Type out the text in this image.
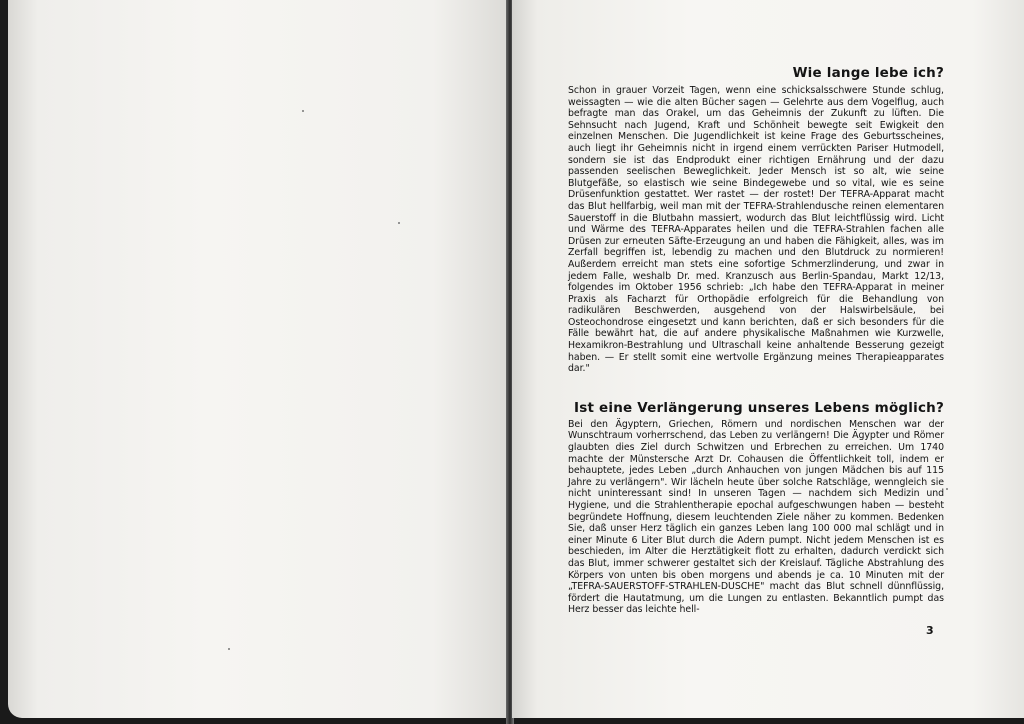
Wie lange lebe ich?

Schon in grauer Vorzeit Tagen, wenn eine schicksalsschwere Stunde schlug, weissagten — wie die alten Bücher sagen — Gelehrte aus dem Vogelflug, auch befragte man das Orakel, um das Geheimnis der Zukunft zu lüften. Die Sehnsucht nach Jugend, Kraft und Schönheit bewegte seit Ewigkeit den einzelnen Menschen. Die Jugendlichkeit ist keine Frage des Geburtsscheines, auch liegt ihr Geheimnis nicht in irgend einem verrückten Pariser Hutmodell, sondern sie ist das Endprodukt einer richtigen Ernährung und der dazu passenden seelischen Beweglichkeit. Jeder Mensch ist so alt, wie seine Blutgefäße, so elastisch wie seine Bindegewebe und so vital, wie es seine Drüsenfunktion gestattet. Wer rastet — der rostet! Der TEFRA-Apparat macht das Blut hellfarbig, weil man mit der TEFRA-Strahlendusche reinen elementaren Sauerstoff in die Blutbahn massiert, wodurch das Blut leichtflüssig wird. Licht und Wärme des TEFRA-Apparates heilen und die TEFRA-Strahlen fachen alle Drüsen zur erneuten Säfte-Erzeugung an und haben die Fähigkeit, alles, was im Zerfall begriffen ist, lebendig zu machen und den Blutdruck zu normieren! Außerdem erreicht man stets eine sofortige Schmerzlinderung, und zwar in jedem Falle, weshalb Dr. med. Kranzusch aus Berlin-Spandau, Markt 12/13, folgendes im Oktober 1956 schrieb: „Ich habe den TEFRA-Apparat in meiner Praxis als Facharzt für Orthopädie erfolgreich für die Behandlung von radikulären Beschwerden, ausgehend von der Halswirbelsäule, bei Osteochondrose eingesetzt und kann berichten, daß er sich besonders für die Fälle bewährt hat, die auf andere physikalische Maßnahmen wie Kurzwelle, Hexamikron-Bestrahlung und Ultraschall keine anhaltende Besserung gezeigt haben. — Er stellt somit eine wertvolle Ergänzung meines Therapieapparates dar."

Ist eine Verlängerung unseres Lebens möglich?

Bei den Ägyptern, Griechen, Römern und nordischen Menschen war der Wunschtraum vorherrschend, das Leben zu verlängern! Die Ägypter und Römer glaubten dies Ziel durch Schwitzen und Erbrechen zu erreichen. Um 1740 machte der Münstersche Arzt Dr. Cohausen die Öffentlichkeit toll, indem er behauptete, jedes Leben „durch Anhauchen von jungen Mädchen bis auf 115 Jahre zu verlängern". Wir lächeln heute über solche Ratschläge, wenngleich sie nicht uninteressant sind! In unseren Tagen — nachdem sich Medizin und Hygiene, und die Strahlentherapie epochal aufgeschwungen haben — besteht begründete Hoffnung, diesem leuchtenden Ziele näher zu kommen. Bedenken Sie, daß unser Herz täglich ein ganzes Leben lang 100 000 mal schlägt und in einer Minute 6 Liter Blut durch die Adern pumpt. Nicht jedem Menschen ist es beschieden, im Alter die Herztätigkeit flott zu erhalten, dadurch verdickt sich das Blut, immer schwerer gestaltet sich der Kreislauf. Tägliche Abstrahlung des Körpers von unten bis oben morgens und abends je ca. 10 Minuten mit der „TEFRA-SAUERSTOFF-STRAHLEN-DUSCHE" macht das Blut schnell dünnflüssig, fördert die Hautatmung, um die Lungen zu entlasten. Bekanntlich pumpt das Herz besser das leichte hell-

3
